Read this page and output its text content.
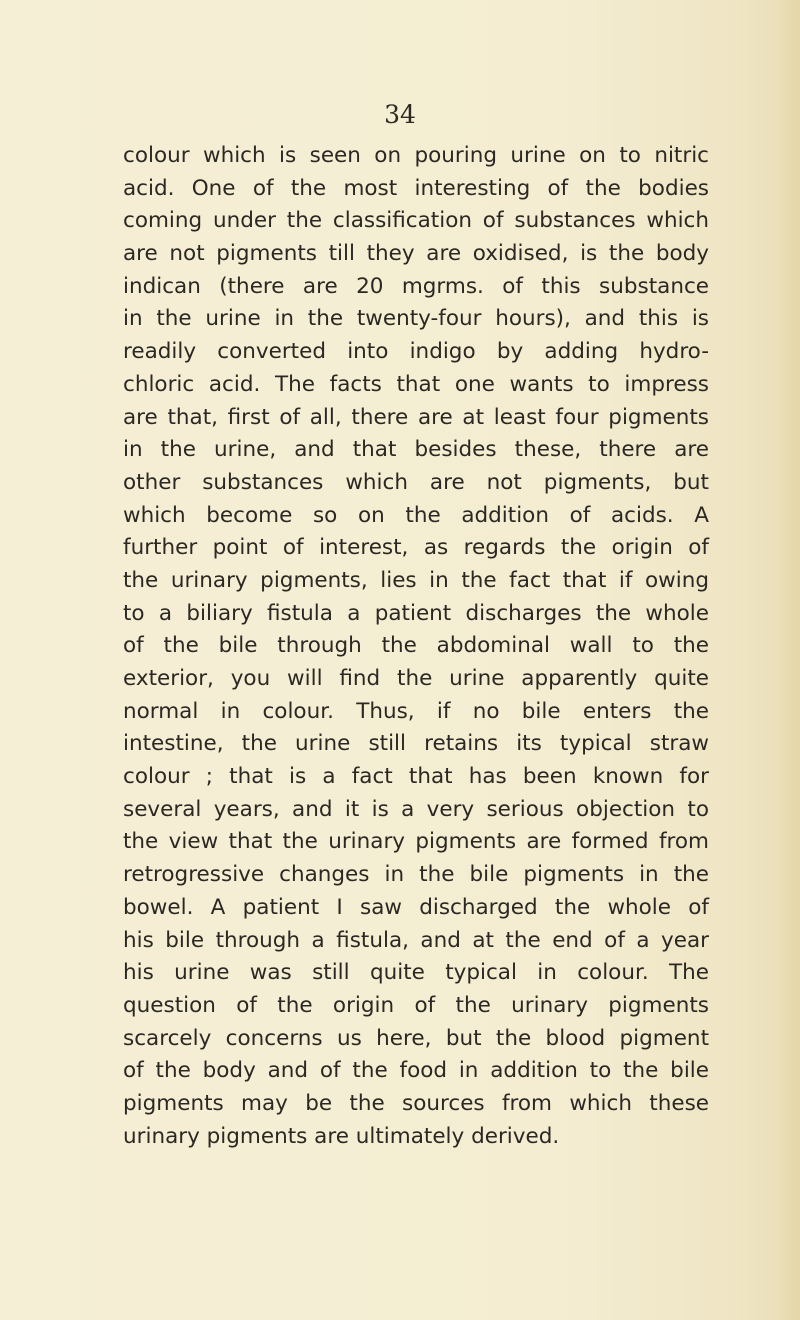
34
colour which is seen on pouring urine on to nitric
acid. One of the most interesting of the bodies
coming under the classification of substances which
are not pigments till they are oxidised, is the body
indican (there are 20 mgrms. of this substance
in the urine in the twenty-four hours), and this is
readily converted into indigo by adding hydro-
chloric acid. The facts that one wants to impress
are that, first of all, there are at least four pigments
in the urine, and that besides these, there are
other substances which are not pigments, but
which become so on the addition of acids. A
further point of interest, as regards the origin of
the urinary pigments, lies in the fact that if owing
to a biliary fistula a patient discharges the whole
of the bile through the abdominal wall to the
exterior, you will find the urine apparently quite
normal in colour. Thus, if no bile enters the
intestine, the urine still retains its typical straw
colour ; that is a fact that has been known for
several years, and it is a very serious objection to
the view that the urinary pigments are formed from
retrogressive changes in the bile pigments in the
bowel. A patient I saw discharged the whole of
his bile through a fistula, and at the end of a year
his urine was still quite typical in colour. The
question of the origin of the urinary pigments
scarcely concerns us here, but the blood pigment
of the body and of the food in addition to the bile
pigments may be the sources from which these
urinary pigments are ultimately derived.
